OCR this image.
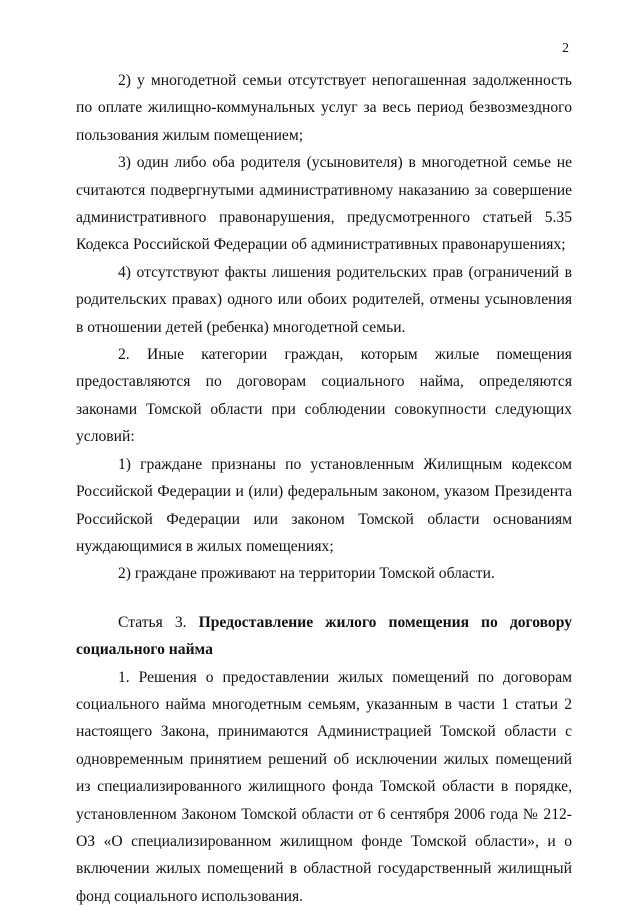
2

2) у многодетной семьи отсутствует непогашенная задолженность по оплате жилищно-коммунальных услуг за весь период безвозмездного пользования жилым помещением;

3) один либо оба родителя (усыновителя) в многодетной семье не считаются подвергнутыми административному наказанию за совершение административного правонарушения, предусмотренного статьей 5.35 Кодекса Российской Федерации об административных правонарушениях;

4) отсутствуют факты лишения родительских прав (ограничений в родительских правах) одного или обоих родителей, отмены усыновления в отношении детей (ребенка) многодетной семьи.

2. Иные категории граждан, которым жилые помещения предоставляются по договорам социального найма, определяются законами Томской области при соблюдении совокупности следующих условий:

1) граждане признаны по установленным Жилищным кодексом Российской Федерации и (или) федеральным законом, указом Президента Российской Федерации или законом Томской области основаниям нуждающимися в жилых помещениях;

2) граждане проживают на территории Томской области.

Статья 3. Предоставление жилого помещения по договору социального найма

1. Решения о предоставлении жилых помещений по договорам социального найма многодетным семьям, указанным в части 1 статьи 2 настоящего Закона, принимаются Администрацией Томской области с одновременным принятием решений об исключении жилых помещений из специализированного жилищного фонда Томской области в порядке, установленном Законом Томской области от 6 сентября 2006 года № 212-ОЗ «О специализированном жилищном фонде Томской области», и о включении жилых помещений в областной государственный жилищный фонд социального использования.
